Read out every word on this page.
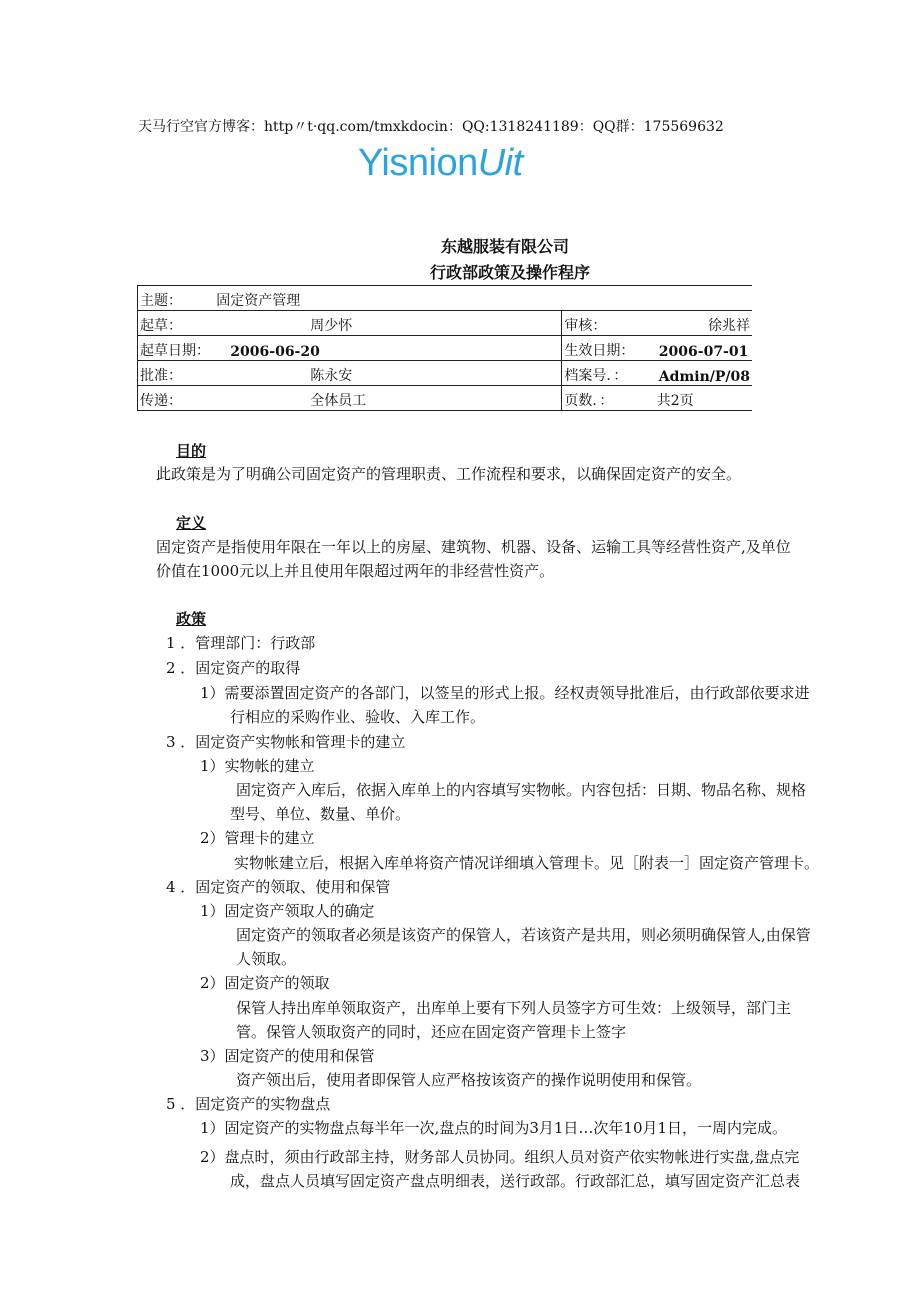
天马行空官方博客：http〃t·qq.com/tmxkdocin：QQ:1318241189：QQ群：175569632
YisnionUit
东越服装有限公司
行政部政策及操作程序
主题：	固定资产管理		
起草：	周少怀	审核：	徐兆祥
起草日期：	2006-06-20	生效日期：	2006-07-01
批准：	陈永安	档案号．：	Admin/P/08
传递：	全体员工	页数．：	共2页
目的
此政策是为了明确公司固定资产的管理职责、工作流程和要求，以确保固定资产的安全。
定义
固定资产是指使用年限在一年以上的房屋、建筑物、机器、设备、运输工具等经营性资产,及单位
价值在1000元以上并且使用年限超过两年的非经营性资产。
政策
1 ．管理部门：行政部
2 ．固定资产的取得
1）需要添置固定资产的各部门，以签呈的形式上报。经权责领导批准后，由行政部依要求进
行相应的采购作业、验收、入库工作。
3 ．固定资产实物帐和管理卡的建立
1）实物帐的建立
固定资产入库后，依据入库单上的内容填写实物帐。内容包括：日期、物品名称、规格
型号、单位、数量、单价。
2）管理卡的建立
实物帐建立后，根据入库单将资产情况详细填入管理卡。见［附表一］固定资产管理卡。
4 ．固定资产的领取、使用和保管
1）固定资产领取人的确定
固定资产的领取者必须是该资产的保管人，若该资产是共用，则必须明确保管人,由保管
人领取。
2）固定资产的领取
保管人持出库单领取资产，出库单上要有下列人员签字方可生效：上级领导，部门主
管。保管人领取资产的同时，还应在固定资产管理卡上签字
3）固定资产的使用和保管
资产领出后，使用者即保管人应严格按该资产的操作说明使用和保管。
5 ．固定资产的实物盘点
1）固定资产的实物盘点每半年一次,盘点的时间为3月1日…次年10月1日，一周内完成。
2）盘点时，须由行政部主持，财务部人员协同。组织人员对资产依实物帐进行实盘,盘点完
成，盘点人员填写固定资产盘点明细表，送行政部。行政部汇总，填写固定资产汇总表
